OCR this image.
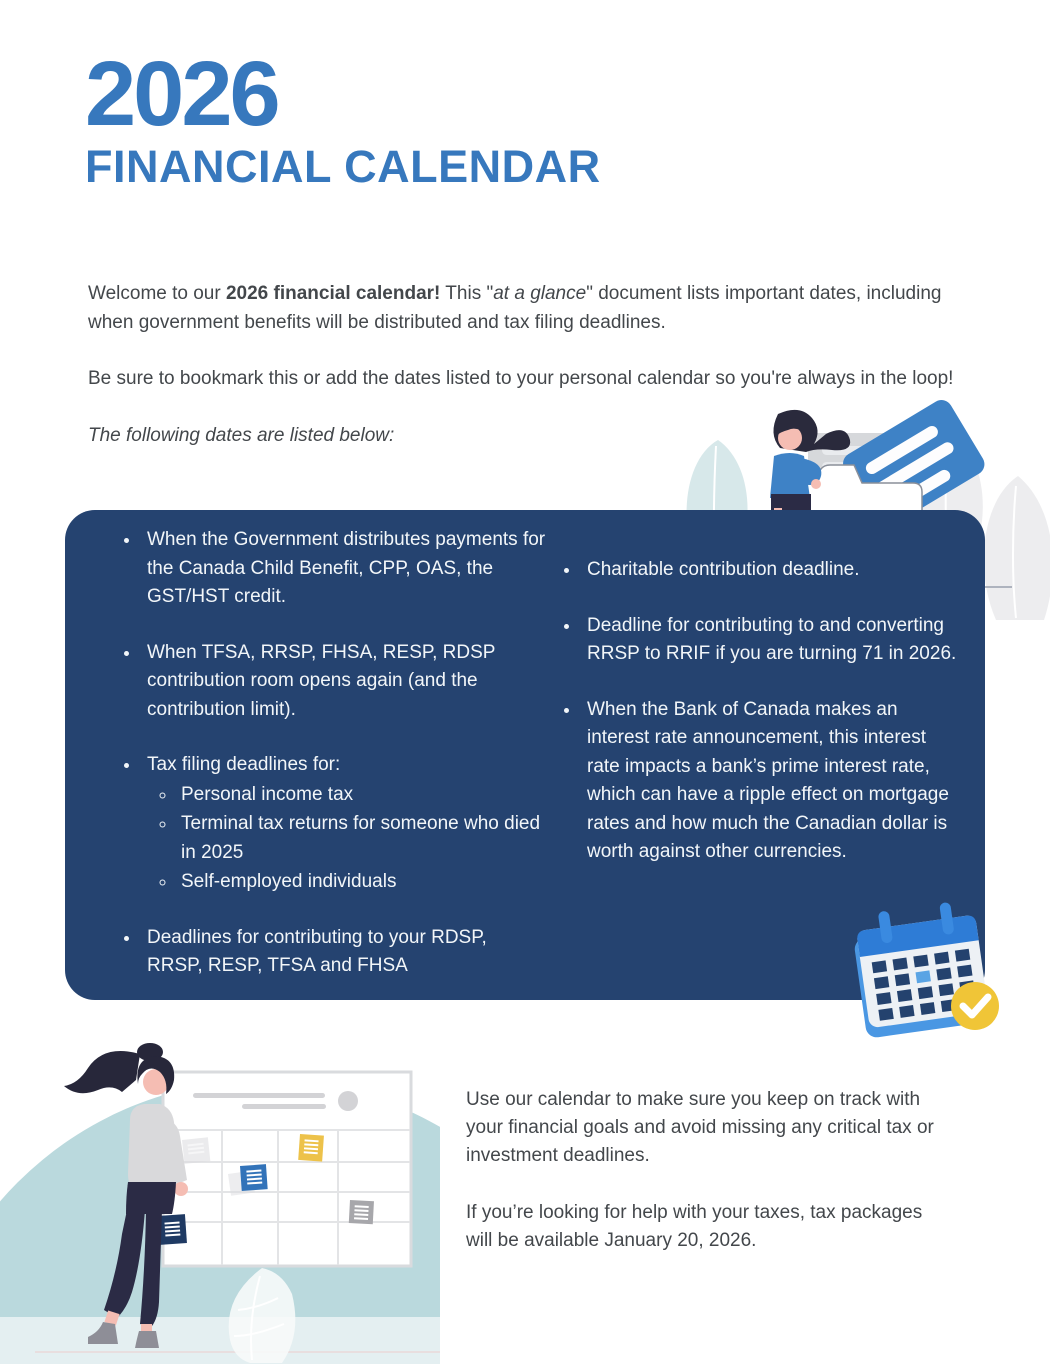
2026
FINANCIAL CALENDAR

Welcome to our 2026 financial calendar! This "at a glance" document lists important dates, including when government benefits will be distributed and tax filing deadlines.

Be sure to bookmark this or add the dates listed to your personal calendar so you're always in the loop!

The following dates are listed below:

• When the Government distributes payments for the Canada Child Benefit, CPP, OAS, the GST/HST credit.
• When TFSA, RRSP, FHSA, RESP, RDSP contribution room opens again (and the contribution limit).
• Tax filing deadlines for:
◦ Personal income tax
◦ Terminal tax returns for someone who died in 2025
◦ Self-employed individuals
• Deadlines for contributing to your RDSP, RRSP, RESP, TFSA and FHSA
• Charitable contribution deadline.
• Deadline for contributing to and converting RRSP to RRIF if you are turning 71 in 2026.
• When the Bank of Canada makes an interest rate announcement, this interest rate impacts a bank’s prime interest rate, which can have a ripple effect on mortgage rates and how much the Canadian dollar is worth against other currencies.

Use our calendar to make sure you keep on track with your financial goals and avoid missing any critical tax or investment deadlines.

If you’re looking for help with your taxes, tax packages will be available January 20, 2026.
